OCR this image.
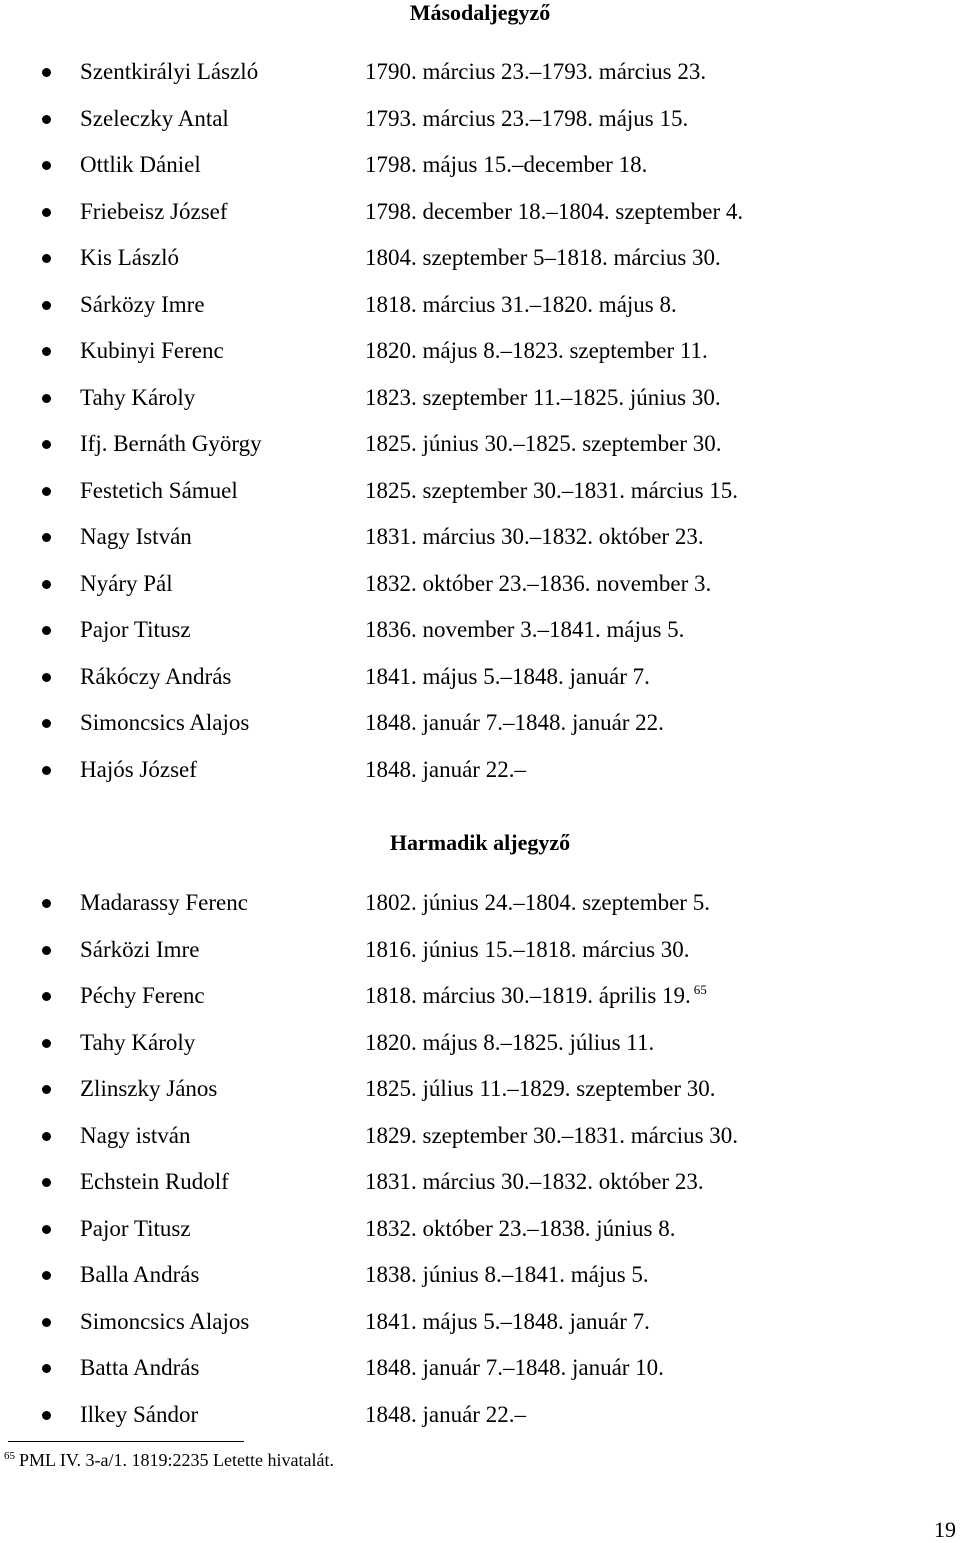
Másodaljegyző
Szentkirályi László	1790. március 23.–1793. március 23.
Szeleczky Antal	1793. március 23.–1798. május 15.
Ottlik Dániel	1798. május 15.–december 18.
Friebeisz József	1798. december 18.–1804. szeptember 4.
Kis László	1804. szeptember 5–1818. március 30.
Sárközy Imre	1818. március 31.–1820. május 8.
Kubinyi Ferenc	1820. május 8.–1823. szeptember 11.
Tahy Károly	1823. szeptember 11.–1825. június 30.
Ifj. Bernáth György	1825. június 30.–1825. szeptember 30.
Festetich Sámuel	1825. szeptember 30.–1831. március 15.
Nagy István	1831. március 30.–1832. október 23.
Nyáry Pál	1832. október 23.–1836. november 3.
Pajor Titusz	1836. november 3.–1841. május 5.
Rákóczy András	1841. május 5.–1848. január 7.
Simoncsics Alajos	1848. január 7.–1848. január 22.
Hajós József	1848. január 22.–
Harmadik aljegyző
Madarassy Ferenc	1802. június 24.–1804. szeptember 5.
Sárközi Imre	1816. június 15.–1818. március 30.
Péchy Ferenc	1818. március 30.–1819. április 19. $^{65}$
Tahy Károly	1820. május 8.–1825. július 11.
Zlinszky János	1825. július 11.–1829. szeptember 30.
Nagy istván	1829. szeptember 30.–1831. március 30.
Echstein Rudolf	1831. március 30.–1832. október 23.
Pajor Titusz	1832. október 23.–1838. június 8.
Balla András	1838. június 8.–1841. május 5.
Simoncsics Alajos	1841. május 5.–1848. január 7.
Batta András	1848. január 7.–1848. január 10.
Ilkey Sándor	1848. január 22.–
$^{65}$ PML IV. 3-a/1. 1819:2235 Letette hivatalát.
19
